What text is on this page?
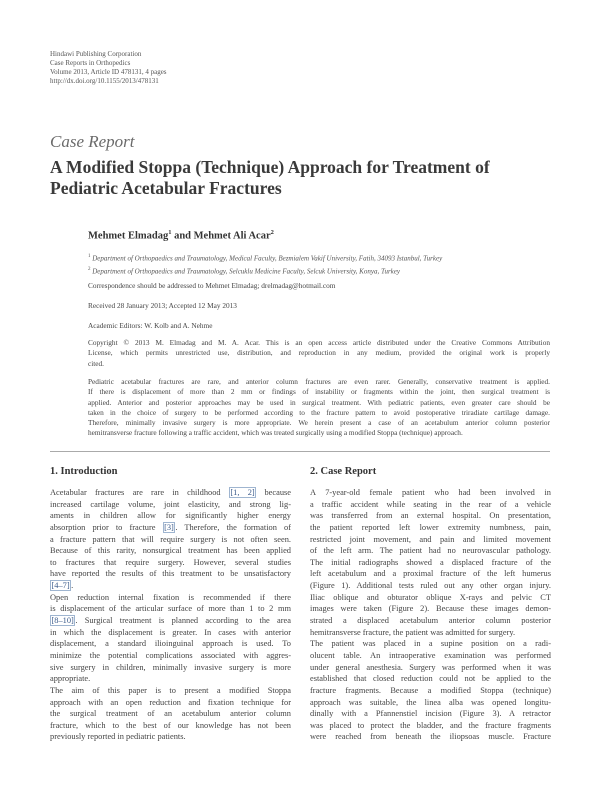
Hindawi Publishing Corporation
Case Reports in Orthopedics
Volume 2013, Article ID 478131, 4 pages
http://dx.doi.org/10.1155/2013/478131
Case Report
A Modified Stoppa (Technique) Approach for Treatment of
Pediatric Acetabular Fractures
Mehmet Elmadag$^1$ and Mehmet Ali Acar$^2$
$^1$ Department of Orthopaedics and Traumatology, Medical Faculty, Bezmialem Vakif University, Fatih, 34093 Istanbul, Turkey
$^2$ Department of Orthopaedics and Traumatology, Selcuklu Medicine Faculty, Selcuk University, Konya, Turkey
Correspondence should be addressed to Mehmet Elmadag; drelmadag@hotmail.com
Received 28 January 2013; Accepted 12 May 2013
Academic Editors: W. Kolb and A. Nehme
Copyright © 2013 M. Elmadag and M. A. Acar. This is an open access article distributed under the Creative Commons Attribution
License, which permits unrestricted use, distribution, and reproduction in any medium, provided the original work is properly
cited.
Pediatric acetabular fractures are rare, and anterior column fractures are even rarer. Generally, conservative treatment is applied.
If there is displacement of more than 2 mm or findings of instability or fragments within the joint, then surgical treatment is
applied. Anterior and posterior approaches may be used in surgical treatment. With pediatric patients, even greater care should be
taken in the choice of surgery to be performed according to the fracture pattern to avoid postoperative triradiate cartilage damage.
Therefore, minimally invasive surgery is more appropriate. We herein present a case of an acetabulum anterior column posterior
hemitransverse fracture following a traffic accident, which was treated surgically using a modified Stoppa (technique) approach.
1. Introduction
Acetabular fractures are rare in childhood [1, 2] because
increased cartilage volume, joint elasticity, and strong lig-
aments in children allow for significantly higher energy
absorption prior to fracture [3] . Therefore, the formation of
a fracture pattern that will require surgery is not often seen.
Because of this rarity, nonsurgical treatment has been applied
to fractures that require surgery. However, several studies
have reported the results of this treatment to be unsatisfactory
[4–7] .
Open reduction internal fixation is recommended if there
is displacement of the articular surface of more than 1 to 2 mm
[8–10] . Surgical treatment is planned according to the area
in which the displacement is greater. In cases with anterior
displacement, a standard ilioinguinal approach is used. To
minimize the potential complications associated with aggres-
sive surgery in children, minimally invasive surgery is more
appropriate.
The aim of this paper is to present a modified Stoppa
approach with an open reduction and fixation technique for
the surgical treatment of an acetabulum anterior column
fracture, which to the best of our knowledge has not been
previously reported in pediatric patients.
2. Case Report
A 7-year-old female patient who had been involved in
a traffic accident while seating in the rear of a vehicle
was transferred from an external hospital. On presentation,
the patient reported left lower extremity numbness, pain,
restricted joint movement, and pain and limited movement
of the left arm. The patient had no neurovascular pathology.
The initial radiographs showed a displaced fracture of the
left acetabulum and a proximal fracture of the left humerus
(Figure 1). Additional tests ruled out any other organ injury.
Iliac oblique and obturator oblique X-rays and pelvic CT
images were taken (Figure 2). Because these images demon-
strated a displaced acetabulum anterior column posterior
hemitransverse fracture, the patient was admitted for surgery.
The patient was placed in a supine position on a radi-
olucent table. An intraoperative examination was performed
under general anesthesia. Surgery was performed when it was
established that closed reduction could not be applied to the
fracture fragments. Because a modified Stoppa (technique)
approach was suitable, the linea alba was opened longitu-
dinally with a Pfannenstiel incision (Figure 3). A retractor
was placed to protect the bladder, and the fracture fragments
were reached from beneath the iliopsoas muscle. Fracture
